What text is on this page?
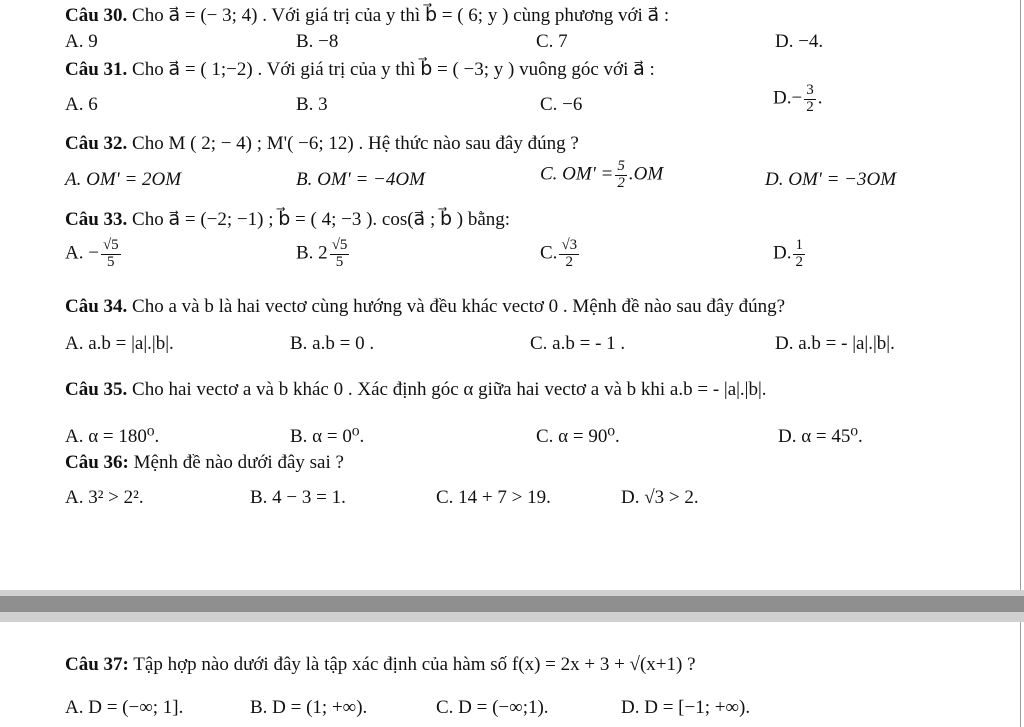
Câu 30. Cho a⃗ = (− 3; 4) . Với giá trị của y thì b⃗ = ( 6; y ) cùng phương với a⃗ :
A. 9	B. −8	C. 7	D. −4.
Câu 31. Cho a⃗ = ( 1;−2) . Với giá trị của y thì b⃗ = ( −3; y ) vuông góc với a⃗ :
A. 6	B. 3	C. −6	$D.- \frac{3}{2}$ .
Câu 32. Cho M ( 2; − 4) ; M'( −6; 12) . Hệ thức nào sau đây đúng ?
A. OM' = 2OM	B. OM' = −4OM	C. $OM' = \frac{5}{2} .OM$	D. OM' = −3OM
Câu 33. Cho a⃗ = (−2; −1) ; b⃗ = ( 4; −3 ). cos(a⃗ ; b⃗ ) bằng:
A. − $\frac{√5}{5}$	B. $2 \frac{√5}{5}$	C. $\frac{√3}{2}$	D. $\frac{1}{2}$
Câu 34. Cho a và b là hai vectơ cùng hướng và đều khác vectơ 0 . Mệnh đề nào sau đây đúng?
A. a.b = |a|.|b|.	B. a.b = 0 .	C. a.b = - 1 .	D. a.b = - |a|.|b|.
Câu 35. Cho hai vectơ a và b khác 0 . Xác định góc α giữa hai vectơ a và b khi a.b = - |a|.|b|.
A. α = 180⁰.	B. α = 0⁰.	C. α = 90⁰.	D. α = 45⁰.
Câu 36: Mệnh đề nào dưới đây sai ?
A. 3² > 2².	B. 4 − 3 = 1.	C. 14 + 7 > 19.	D. √3 > 2.
Câu 37: Tập hợp nào dưới đây là tập xác định của hàm số f(x) = 2x + 3 + √(x+1) ?
A. D = (−∞; 1].	B. D = (1; +∞).	C. D = (−∞;1).	D. D = [−1; +∞).
